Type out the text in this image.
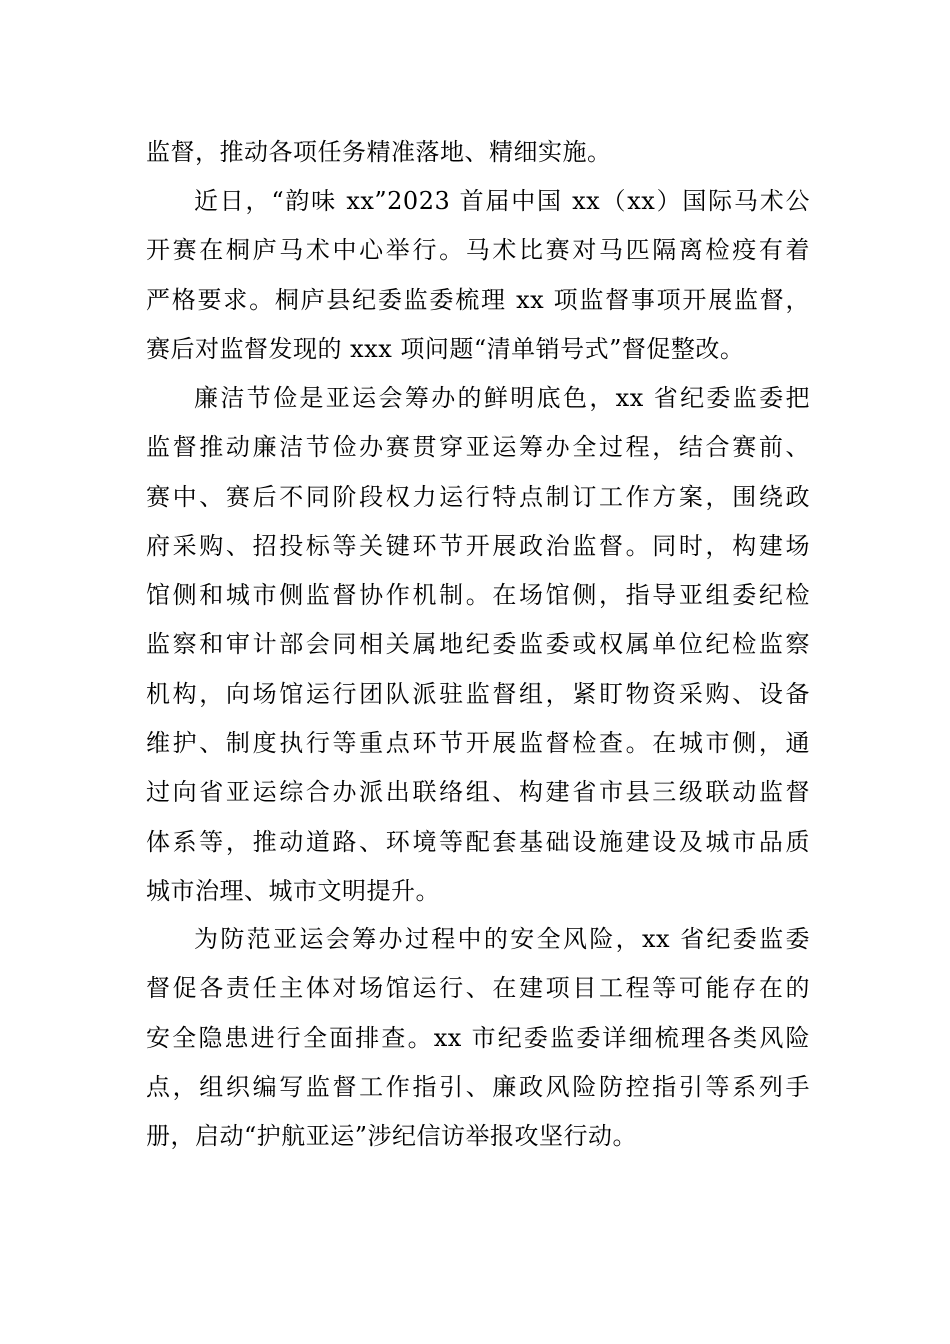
监督，推动各项任务精准落地、精细实施。
近日，“韵味 xx”2023 首届中国 xx（xx）国际马术公
开赛在桐庐马术中心举行。马术比赛对马匹隔离检疫有着
严格要求。桐庐县纪委监委梳理 xx 项监督事项开展监督，
赛后对监督发现的 xxx 项问题“清单销号式”督促整改。
廉洁节俭是亚运会筹办的鲜明底色，xx 省纪委监委把
监督推动廉洁节俭办赛贯穿亚运筹办全过程，结合赛前、
赛中、赛后不同阶段权力运行特点制订工作方案，围绕政
府采购、招投标等关键环节开展政治监督。同时，构建场
馆侧和城市侧监督协作机制。在场馆侧，指导亚组委纪检
监察和审计部会同相关属地纪委监委或权属单位纪检监察
机构，向场馆运行团队派驻监督组，紧盯物资采购、设备
维护、制度执行等重点环节开展监督检查。在城市侧，通
过向省亚运综合办派出联络组、构建省市县三级联动监督
体系等，推动道路、环境等配套基础设施建设及城市品质
城市治理、城市文明提升。
为防范亚运会筹办过程中的安全风险，xx 省纪委监委
督促各责任主体对场馆运行、在建项目工程等可能存在的
安全隐患进行全面排查。xx 市纪委监委详细梳理各类风险
点，组织编写监督工作指引、廉政风险防控指引等系列手
册，启动“护航亚运”涉纪信访举报攻坚行动。
